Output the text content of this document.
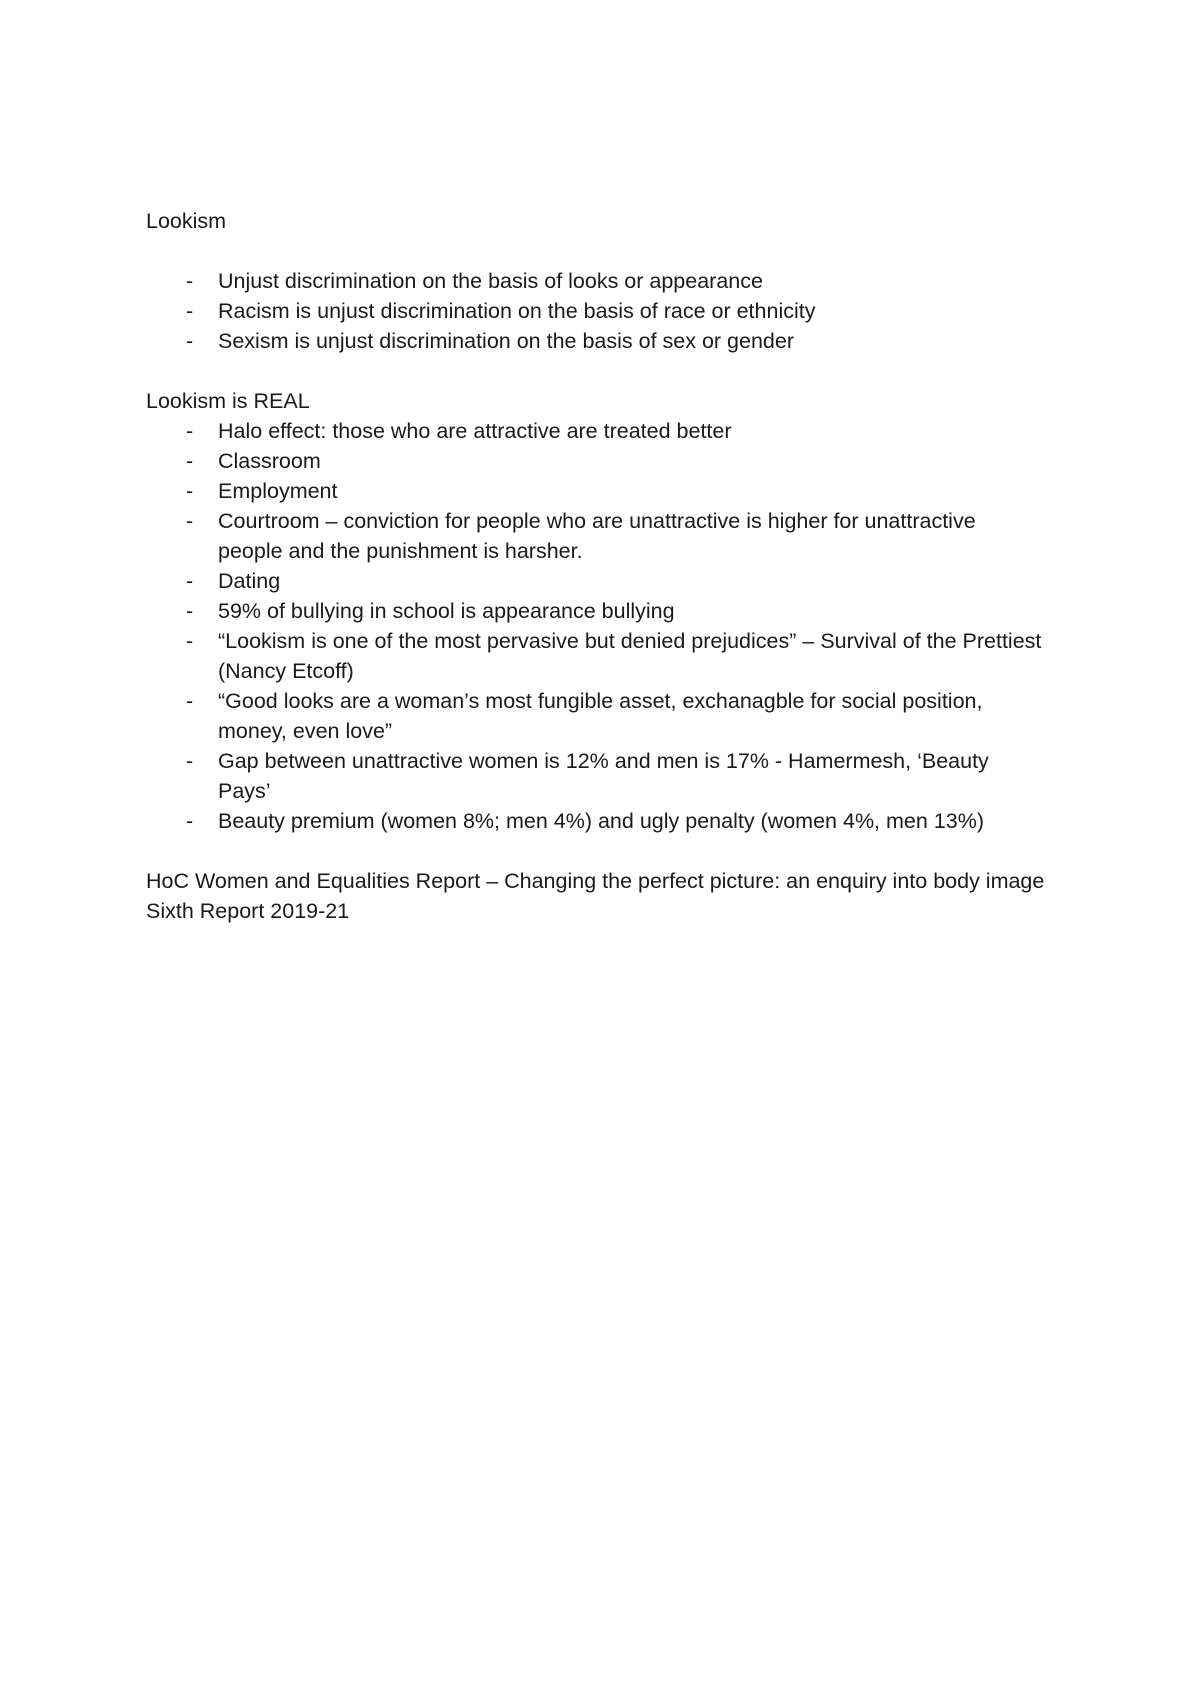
Lookism

- Unjust discrimination on the basis of looks or appearance
- Racism is unjust discrimination on the basis of race or ethnicity
- Sexism is unjust discrimination on the basis of sex or gender

Lookism is REAL

- Halo effect: those who are attractive are treated better
- Classroom
- Employment
- Courtroom – conviction for people who are unattractive is higher for unattractive people and the punishment is harsher.
- Dating
- 59% of bullying in school is appearance bullying
- “Lookism is one of the most pervasive but denied prejudices” – Survival of the Prettiest (Nancy Etcoff)
- “Good looks are a woman’s most fungible asset, exchanagble for social position, money, even love”
- Gap between unattractive women is 12% and men is 17% - Hamermesh, ‘Beauty Pays’
- Beauty premium (women 8%; men 4%) and ugly penalty (women 4%, men 13%)

HoC Women and Equalities Report – Changing the perfect picture: an enquiry into body image Sixth Report 2019-21
